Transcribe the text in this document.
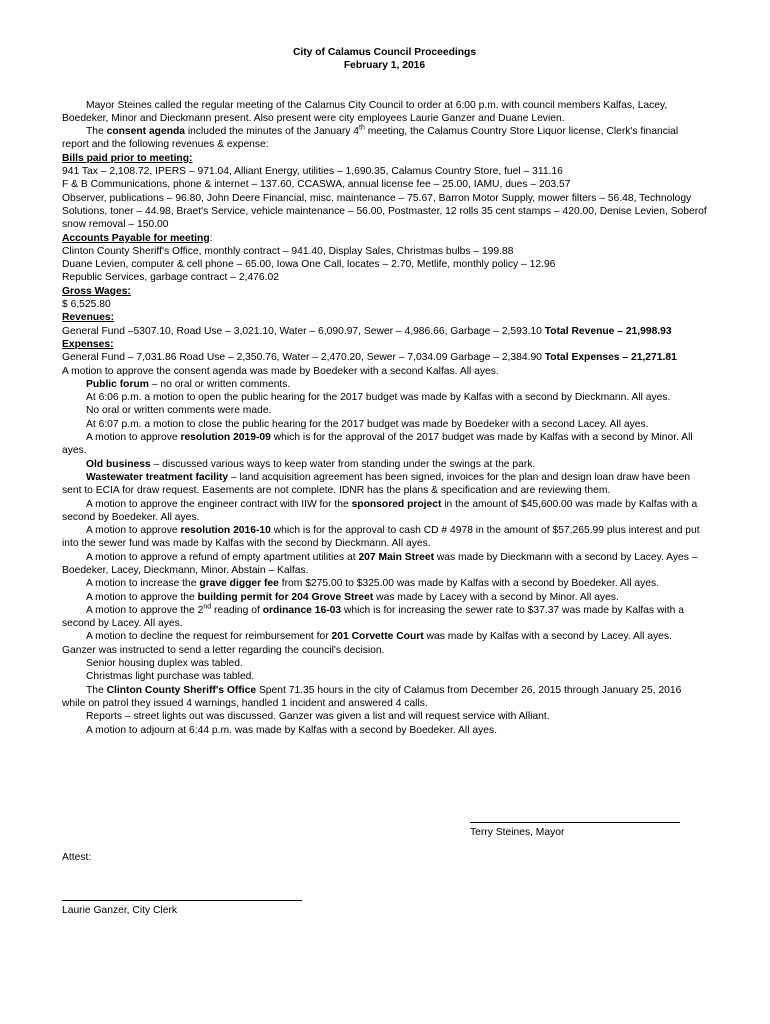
City of Calamus Council Proceedings
February 1, 2016

Mayor Steines called the regular meeting of the Calamus City Council to order at 6:00 p.m. with council members Kalfas, Lacey, Boedeker, Minor and Dieckmann present. Also present were city employees Laurie Ganzer and Duane Levien.

The consent agenda included the minutes of the January 4th meeting, the Calamus Country Store Liquor license, Clerk's financial report and the following revenues & expense:

Bills paid prior to meeting:

941 Tax – 2,108.72, IPERS – 971.04, Alliant Energy, utilities – 1,690.35, Calamus Country Store, fuel – 311.16

F & B Communications, phone & internet – 137.60, CCASWA, annual license fee – 25.00, IAMU, dues – 203.57

Observer, publications – 96.80, John Deere Financial, misc. maintenance – 75.67, Barron Motor Supply, mower filters – 56.48, Technology Solutions, toner – 44.98, Braet's Service, vehicle maintenance – 56.00, Postmaster, 12 rolls 35 cent stamps – 420.00, Denise Levien, Soberof snow removal – 150.00

Accounts Payable for meeting:

Clinton County Sheriff's Office, monthly contract – 941.40, Display Sales, Christmas bulbs – 199.88

Duane Levien, computer & cell phone – 65.00, Iowa One Call, locates – 2.70, Metlife, monthly policy – 12.96

Republic Services, garbage contract – 2,476.02

Gross Wages:

$ 6,525.80

Revenues:

General Fund –5307.10, Road Use – 3,021.10, Water – 6,090.97, Sewer – 4,986.66, Garbage – 2,593.10 Total Revenue – 21,998.93

Expenses:

General Fund – 7,031.86 Road Use – 2,350.76, Water – 2,470.20, Sewer – 7,034.09 Garbage – 2,384.90 Total Expenses – 21,271.81

A motion to approve the consent agenda was made by Boedeker with a second Kalfas. All ayes.

Public forum – no oral or written comments.

At 6:06 p.m. a motion to open the public hearing for the 2017 budget was made by Kalfas with a second by Dieckmann. All ayes.

No oral or written comments were made.

At 6:07 p.m. a motion to close the public hearing for the 2017 budget was made by Boedeker with a second Lacey. All ayes.

A motion to approve resolution 2019-09 which is for the approval of the 2017 budget was made by Kalfas with a second by Minor. All ayes.

Old business – discussed various ways to keep water from standing under the swings at the park.

Wastewater treatment facility – land acquisition agreement has been signed, invoices for the plan and design loan draw have been sent to ECIA for draw request. Easements are not complete. IDNR has the plans & specification and are reviewing them.

A motion to approve the engineer contract with IIW for the sponsored project in the amount of $45,600.00 was made by Kalfas with a second by Boedeker. All ayes.

A motion to approve resolution 2016-10 which is for the approval to cash CD # 4978 in the amount of $57,265.99 plus interest and put into the sewer fund was made by Kalfas with the second by Dieckmann. All ayes.

A motion to approve a refund of empty apartment utilities at 207 Main Street was made by Dieckmann with a second by Lacey. Ayes – Boedeker, Lacey, Dieckmann, Minor. Abstain – Kalfas.

A motion to increase the grave digger fee from $275.00 to $325.00 was made by Kalfas with a second by Boedeker. All ayes.

A motion to approve the building permit for 204 Grove Street was made by Lacey with a second by Minor. All ayes.

A motion to approve the 2nd reading of ordinance 16-03 which is for increasing the sewer rate to $37.37 was made by Kalfas with a second by Lacey. All ayes.

A motion to decline the request for reimbursement for 201 Corvette Court was made by Kalfas with a second by Lacey. All ayes. Ganzer was instructed to send a letter regarding the council's decision.

Senior housing duplex was tabled.

Christmas light purchase was tabled.

The Clinton County Sheriff's Office Spent 71.35 hours in the city of Calamus from December 26, 2015 through January 25, 2016 while on patrol they issued 4 warnings, handled 1 incident and answered 4 calls.

Reports – street lights out was discussed. Ganzer was given a list and will request service with Alliant.

A motion to adjourn at 6:44 p.m. was made by Kalfas with a second by Boedeker. All ayes.

Terry Steines, Mayor
Attest:
Laurie Ganzer, City Clerk
